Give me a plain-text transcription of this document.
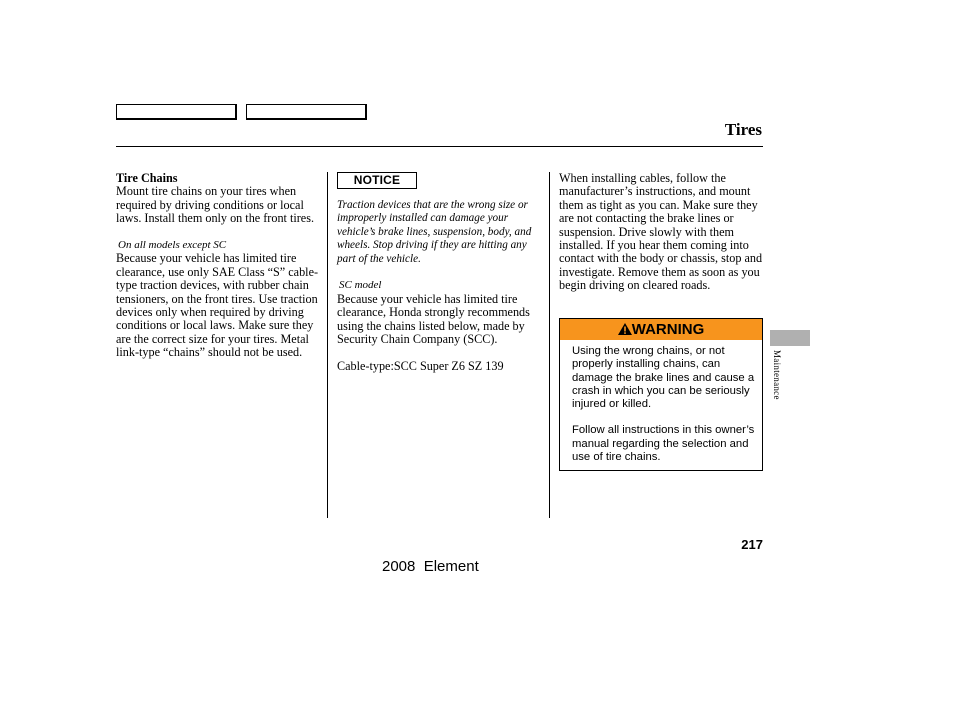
Tires

Tire Chains

Mount tire chains on your tires when required by driving conditions or local laws. Install them only on the front tires.

On all models except SC

Because your vehicle has limited tire clearance, use only SAE Class “S” cable-type traction devices, with rubber chain tensioners, on the front tires. Use traction devices only when required by driving conditions or local laws. Make sure they are the correct size for your tires. Metal link-type “chains” should not be used.

NOTICE

Traction devices that are the wrong size or improperly installed can damage your vehicle’s brake lines, suspension, body, and wheels. Stop driving if they are hitting any part of the vehicle.

SC model

Because your vehicle has limited tire clearance, Honda strongly recommends using the chains listed below, made by Security Chain Company (SCC).

Cable-type:SCC Super Z6 SZ 139

When installing cables, follow the manufacturer’s instructions, and mount them as tight as you can. Make sure they are not contacting the brake lines or suspension. Drive slowly with them installed. If you hear them coming into contact with the body or chassis, stop and investigate. Remove them as soon as you begin driving on cleared roads.

WARNING

Using the wrong chains, or not properly installing chains, can damage the brake lines and cause a crash in which you can be seriously injured or killed.

Follow all instructions in this owner’s manual regarding the selection and use of tire chains.

Maintenance
217
2008  Element
